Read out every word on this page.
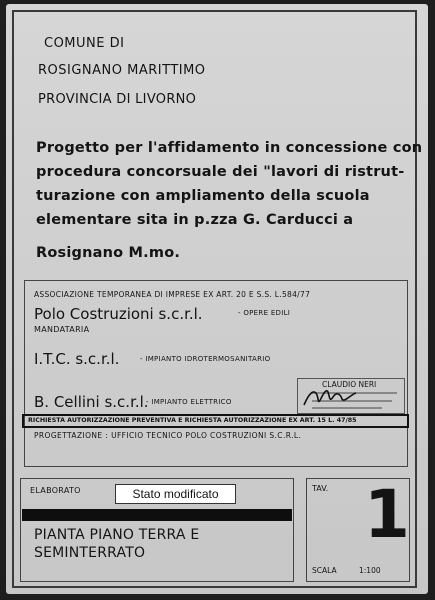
COMUNE DI
ROSIGNANO MARITTIMO
PROVINCIA DI LIVORNO
Progetto per l'affidamento in concessione con
procedura concorsuale dei "lavori di ristrut-
turazione con ampliamento della scuola
elementare sita in p.zza G. Carducci a
Rosignano M.mo.
ASSOCIAZIONE TEMPORANEA DI IMPRESE EX ART. 20 E S.S. L.584/77
Polo Costruzioni s.c.r.l.	- OPERE EDILI
MANDATARIA
I.T.C. s.c.r.l.	- IMPIANTO IDROTERMOSANITARIO
CLAUDIO NERI
B. Cellini s.c.r.l.
- IMPIANTO ELETTRICO
RICHIESTA AUTORIZZAZIONE PREVENTIVA E RICHIESTA AUTORIZZAZIONE EX ART. 15 L. 47/85
PROGETTAZIONE : UFFICIO TECNICO POLO COSTRUZIONI S.C.R.L.
ELABORATO	Stato modificato
PIANTA PIANO TERRA E
SEMINTERRATO
TAV. 1
SCALA	1:100
